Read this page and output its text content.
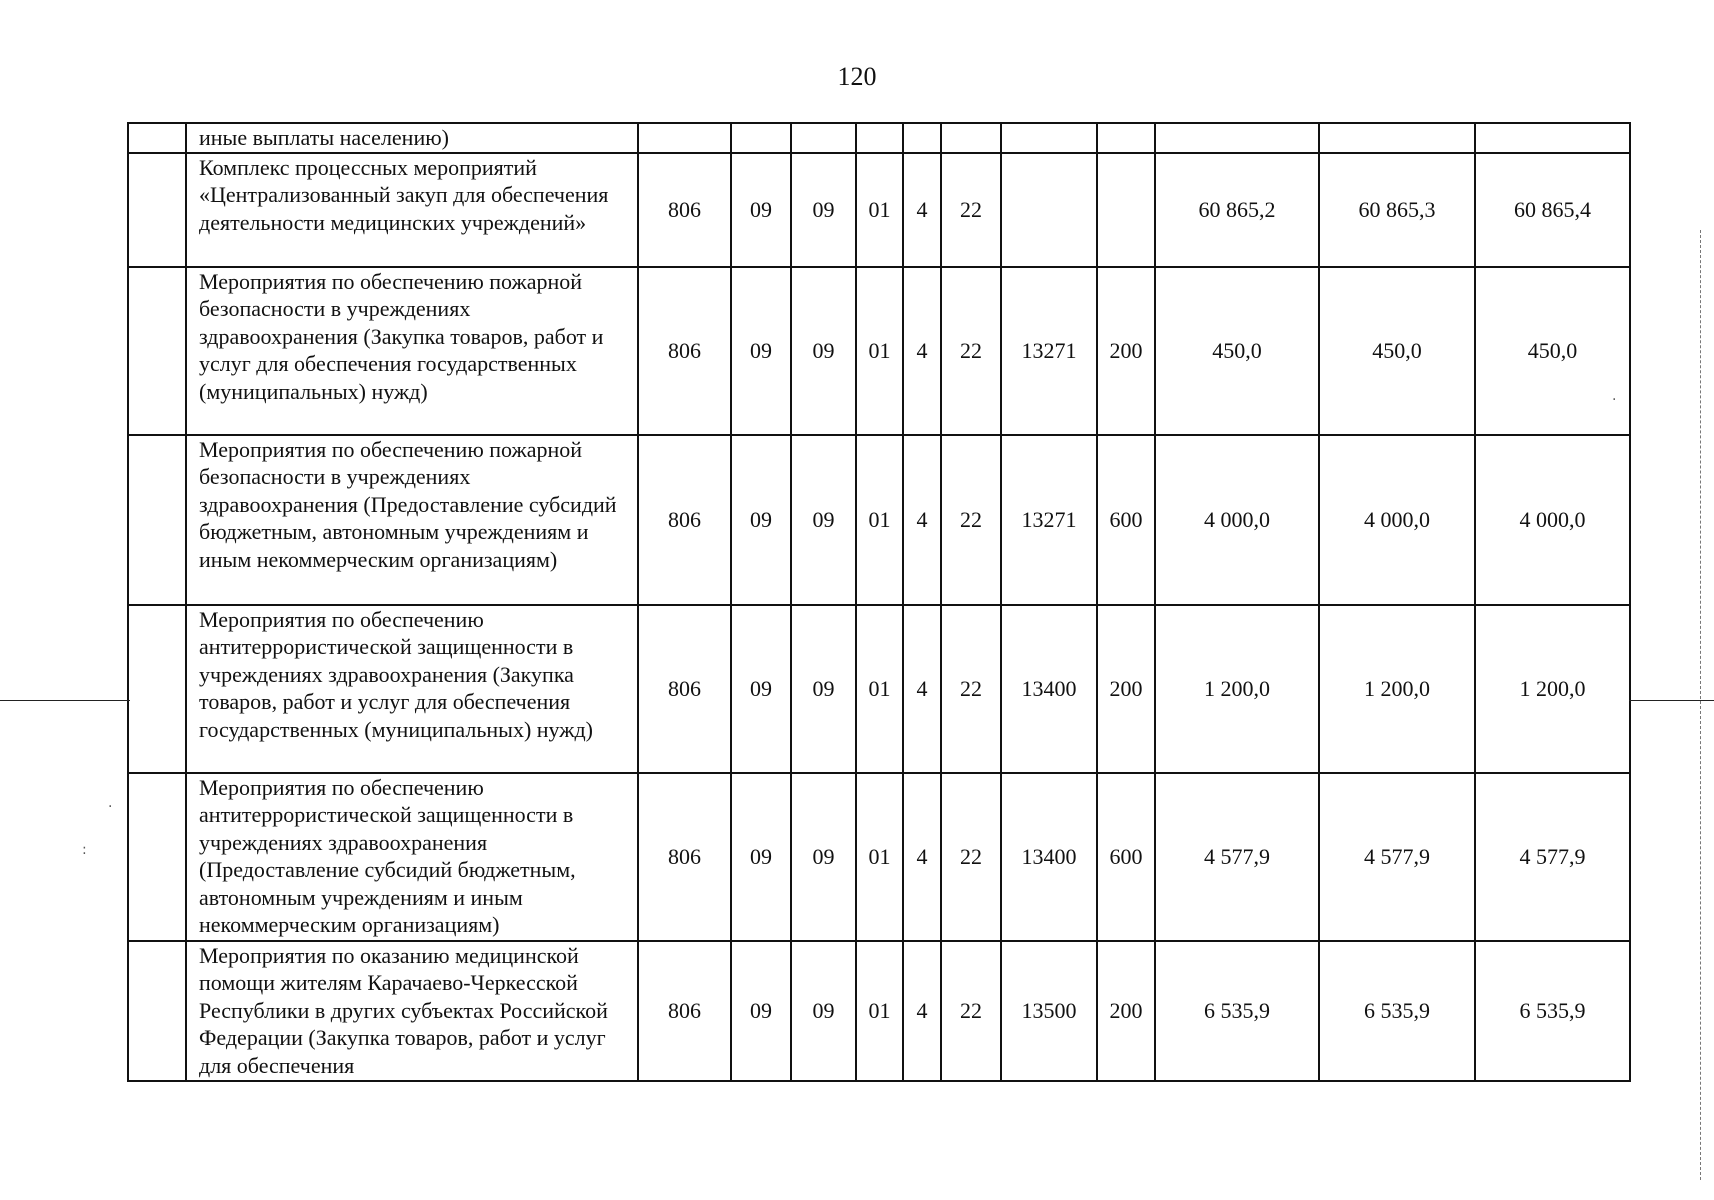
120
	иные выплаты населению)											
	Комплекс процессных мероприятий «Централизованный закуп для обеспечения деятельности медицинских учреждений»	806	09	09	01	4	22			60 865,2	60 865,3	60 865,4
	Мероприятия по обеспечению пожарной безопасности в учреждениях здравоохранения (Закупка товаров, работ и услуг для обеспечения государственных (муниципальных) нужд)	806	09	09	01	4	22	13271	200	450,0	450,0	450,0
	Мероприятия по обеспечению пожарной безопасности в учреждениях здравоохранения (Предоставление субсидий бюджетным, автономным учреждениям и иным некоммерческим организациям)	806	09	09	01	4	22	13271	600	4 000,0	4 000,0	4 000,0
	Мероприятия по обеспечению антитеррористической защищенности в учреждениях здравоохранения (Закупка товаров, работ и услуг для обеспечения государственных (муниципальных) нужд)	806	09	09	01	4	22	13400	200	1 200,0	1 200,0	1 200,0
	Мероприятия по обеспечению антитеррористической защищенности в учреждениях здравоохранения (Предоставление субсидий бюджетным, автономным учреждениям и иным некоммерческим организациям)	806	09	09	01	4	22	13400	600	4 577,9	4 577,9	4 577,9
	Мероприятия по оказанию медицинской помощи жителям Карачаево-Черкесской Республики в других субъектах Российской Федерации (Закупка товаров, работ и услуг для обеспечения	806	09	09	01	4	22	13500	200	6 535,9	6 535,9	6 535,9
:
.
.
